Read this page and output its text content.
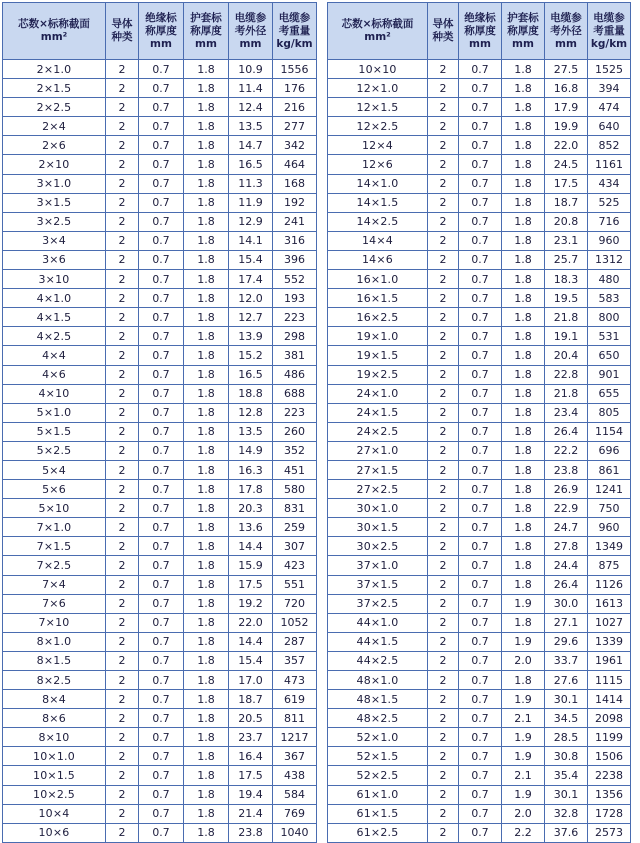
芯数×标称截面
mm²	导体
种类	绝缘标
称厚度
mm	护套标
称厚度
mm	电缆参
考外径
mm	电缆参
考重量
kg/km

2×1.0	2	0.7	1.8	10.9	1556
2×1.5	2	0.7	1.8	11.4	176
2×2.5	2	0.7	1.8	12.4	216
2×4	2	0.7	1.8	13.5	277
2×6	2	0.7	1.8	14.7	342
2×10	2	0.7	1.8	16.5	464
3×1.0	2	0.7	1.8	11.3	168
3×1.5	2	0.7	1.8	11.9	192
3×2.5	2	0.7	1.8	12.9	241
3×4	2	0.7	1.8	14.1	316
3×6	2	0.7	1.8	15.4	396
3×10	2	0.7	1.8	17.4	552
4×1.0	2	0.7	1.8	12.0	193
4×1.5	2	0.7	1.8	12.7	223
4×2.5	2	0.7	1.8	13.9	298
4×4	2	0.7	1.8	15.2	381
4×6	2	0.7	1.8	16.5	486
4×10	2	0.7	1.8	18.8	688
5×1.0	2	0.7	1.8	12.8	223
5×1.5	2	0.7	1.8	13.5	260
5×2.5	2	0.7	1.8	14.9	352
5×4	2	0.7	1.8	16.3	451
5×6	2	0.7	1.8	17.8	580
5×10	2	0.7	1.8	20.3	831
7×1.0	2	0.7	1.8	13.6	259
7×1.5	2	0.7	1.8	14.4	307
7×2.5	2	0.7	1.8	15.9	423
7×4	2	0.7	1.8	17.5	551
7×6	2	0.7	1.8	19.2	720
7×10	2	0.7	1.8	22.0	1052
8×1.0	2	0.7	1.8	14.4	287
8×1.5	2	0.7	1.8	15.4	357
8×2.5	2	0.7	1.8	17.0	473
8×4	2	0.7	1.8	18.7	619
8×6	2	0.7	1.8	20.5	811
8×10	2	0.7	1.8	23.7	1217
10×1.0	2	0.7	1.8	16.4	367
10×1.5	2	0.7	1.8	17.5	438
10×2.5	2	0.7	1.8	19.4	584
10×4	2	0.7	1.8	21.4	769
10×6	2	0.7	1.8	23.8	1040
芯数×标称截面
mm²	导体
种类	绝缘标
称厚度
mm	护套标
称厚度
mm	电缆参
考外径
mm	电缆参
考重量
kg/km

10×10	2	0.7	1.8	27.5	1525
12×1.0	2	0.7	1.8	16.8	394
12×1.5	2	0.7	1.8	17.9	474
12×2.5	2	0.7	1.8	19.9	640
12×4	2	0.7	1.8	22.0	852
12×6	2	0.7	1.8	24.5	1161
14×1.0	2	0.7	1.8	17.5	434
14×1.5	2	0.7	1.8	18.7	525
14×2.5	2	0.7	1.8	20.8	716
14×4	2	0.7	1.8	23.1	960
14×6	2	0.7	1.8	25.7	1312
16×1.0	2	0.7	1.8	18.3	480
16×1.5	2	0.7	1.8	19.5	583
16×2.5	2	0.7	1.8	21.8	800
19×1.0	2	0.7	1.8	19.1	531
19×1.5	2	0.7	1.8	20.4	650
19×2.5	2	0.7	1.8	22.8	901
24×1.0	2	0.7	1.8	21.8	655
24×1.5	2	0.7	1.8	23.4	805
24×2.5	2	0.7	1.8	26.4	1154
27×1.0	2	0.7	1.8	22.2	696
27×1.5	2	0.7	1.8	23.8	861
27×2.5	2	0.7	1.8	26.9	1241
30×1.0	2	0.7	1.8	22.9	750
30×1.5	2	0.7	1.8	24.7	960
30×2.5	2	0.7	1.8	27.8	1349
37×1.0	2	0.7	1.8	24.4	875
37×1.5	2	0.7	1.8	26.4	1126
37×2.5	2	0.7	1.9	30.0	1613
44×1.0	2	0.7	1.8	27.1	1027
44×1.5	2	0.7	1.9	29.6	1339
44×2.5	2	0.7	2.0	33.7	1961
48×1.0	2	0.7	1.8	27.6	1115
48×1.5	2	0.7	1.9	30.1	1414
48×2.5	2	0.7	2.1	34.5	2098
52×1.0	2	0.7	1.9	28.5	1199
52×1.5	2	0.7	1.9	30.8	1506
52×2.5	2	0.7	2.1	35.4	2238
61×1.0	2	0.7	1.9	30.1	1356
61×1.5	2	0.7	2.0	32.8	1728
61×2.5	2	0.7	2.2	37.6	2573
